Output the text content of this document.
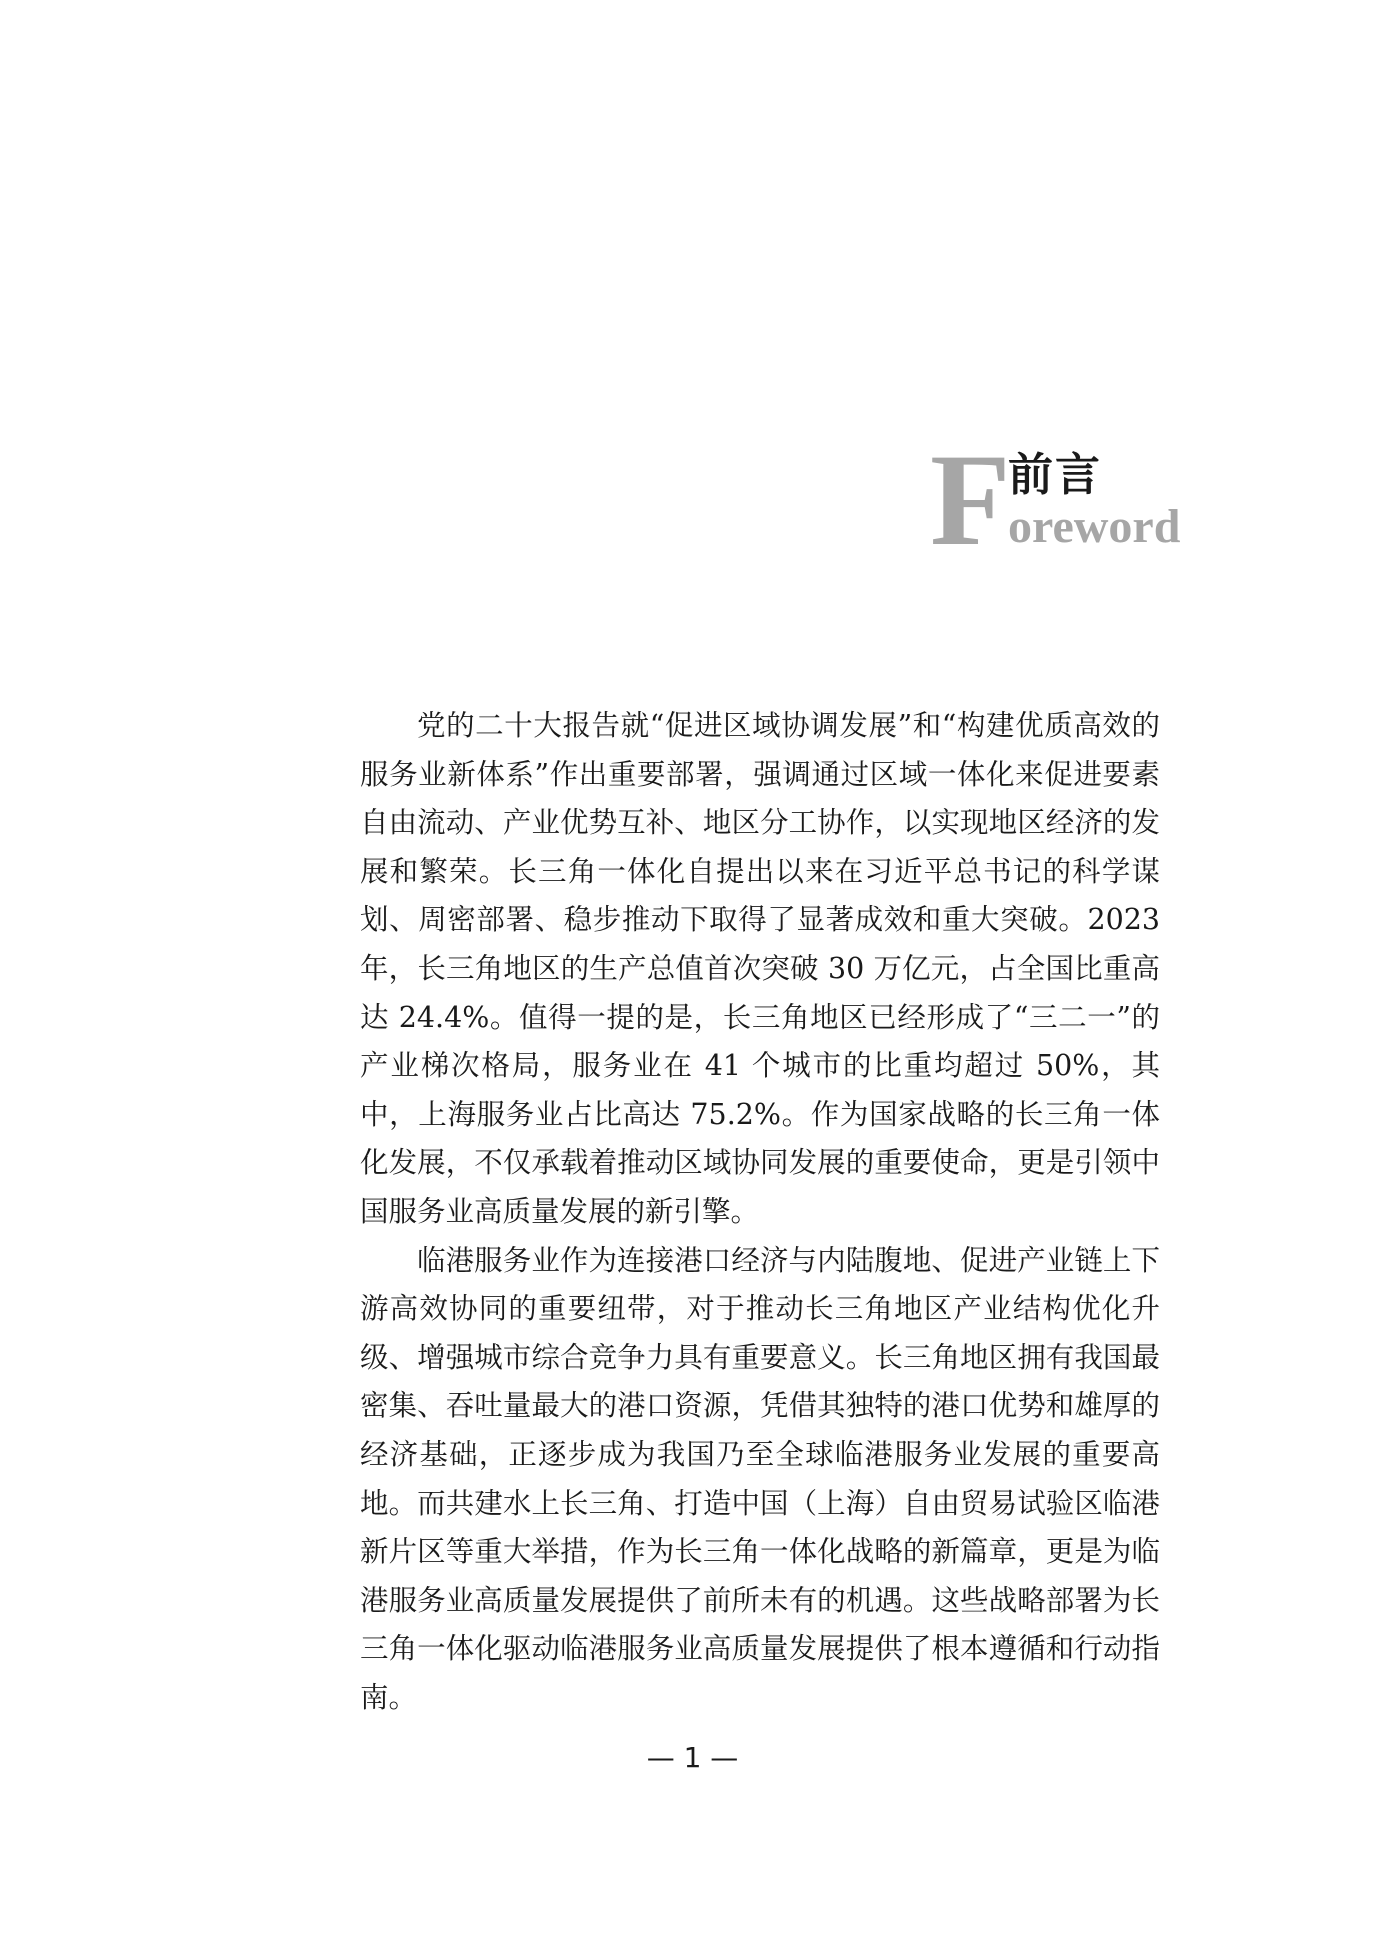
F
前言
oreword

党的二十大报告就“促进区域协调发展”和“构建优质高效的服务业新体系”作出重要部署，强调通过区域一体化来促进要素自由流动、产业优势互补、地区分工协作，以实现地区经济的发展和繁荣。长三角一体化自提出以来在习近平总书记的科学谋划、周密部署、稳步推动下取得了显著成效和重大突破。2023 年，长三角地区的生产总值首次突破 30 万亿元，占全国比重高达 24.4%。值得一提的是，长三角地区已经形成了“三二一”的产业梯次格局，服务业在 41 个城市的比重均超过 50%，其中，上海服务业占比高达 75.2%。作为国家战略的长三角一体化发展，不仅承载着推动区域协同发展的重要使命，更是引领中国服务业高质量发展的新引擎。

临港服务业作为连接港口经济与内陆腹地、促进产业链上下游高效协同的重要纽带，对于推动长三角地区产业结构优化升级、增强城市综合竞争力具有重要意义。长三角地区拥有我国最密集、吞吐量最大的港口资源，凭借其独特的港口优势和雄厚的经济基础，正逐步成为我国乃至全球临港服务业发展的重要高地。而共建水上长三角、打造中国（上海）自由贸易试验区临港新片区等重大举措，作为长三角一体化战略的新篇章，更是为临港服务业高质量发展提供了前所未有的机遇。这些战略部署为长三角一体化驱动临港服务业高质量发展提供了根本遵循和行动指南。

— 1 —
